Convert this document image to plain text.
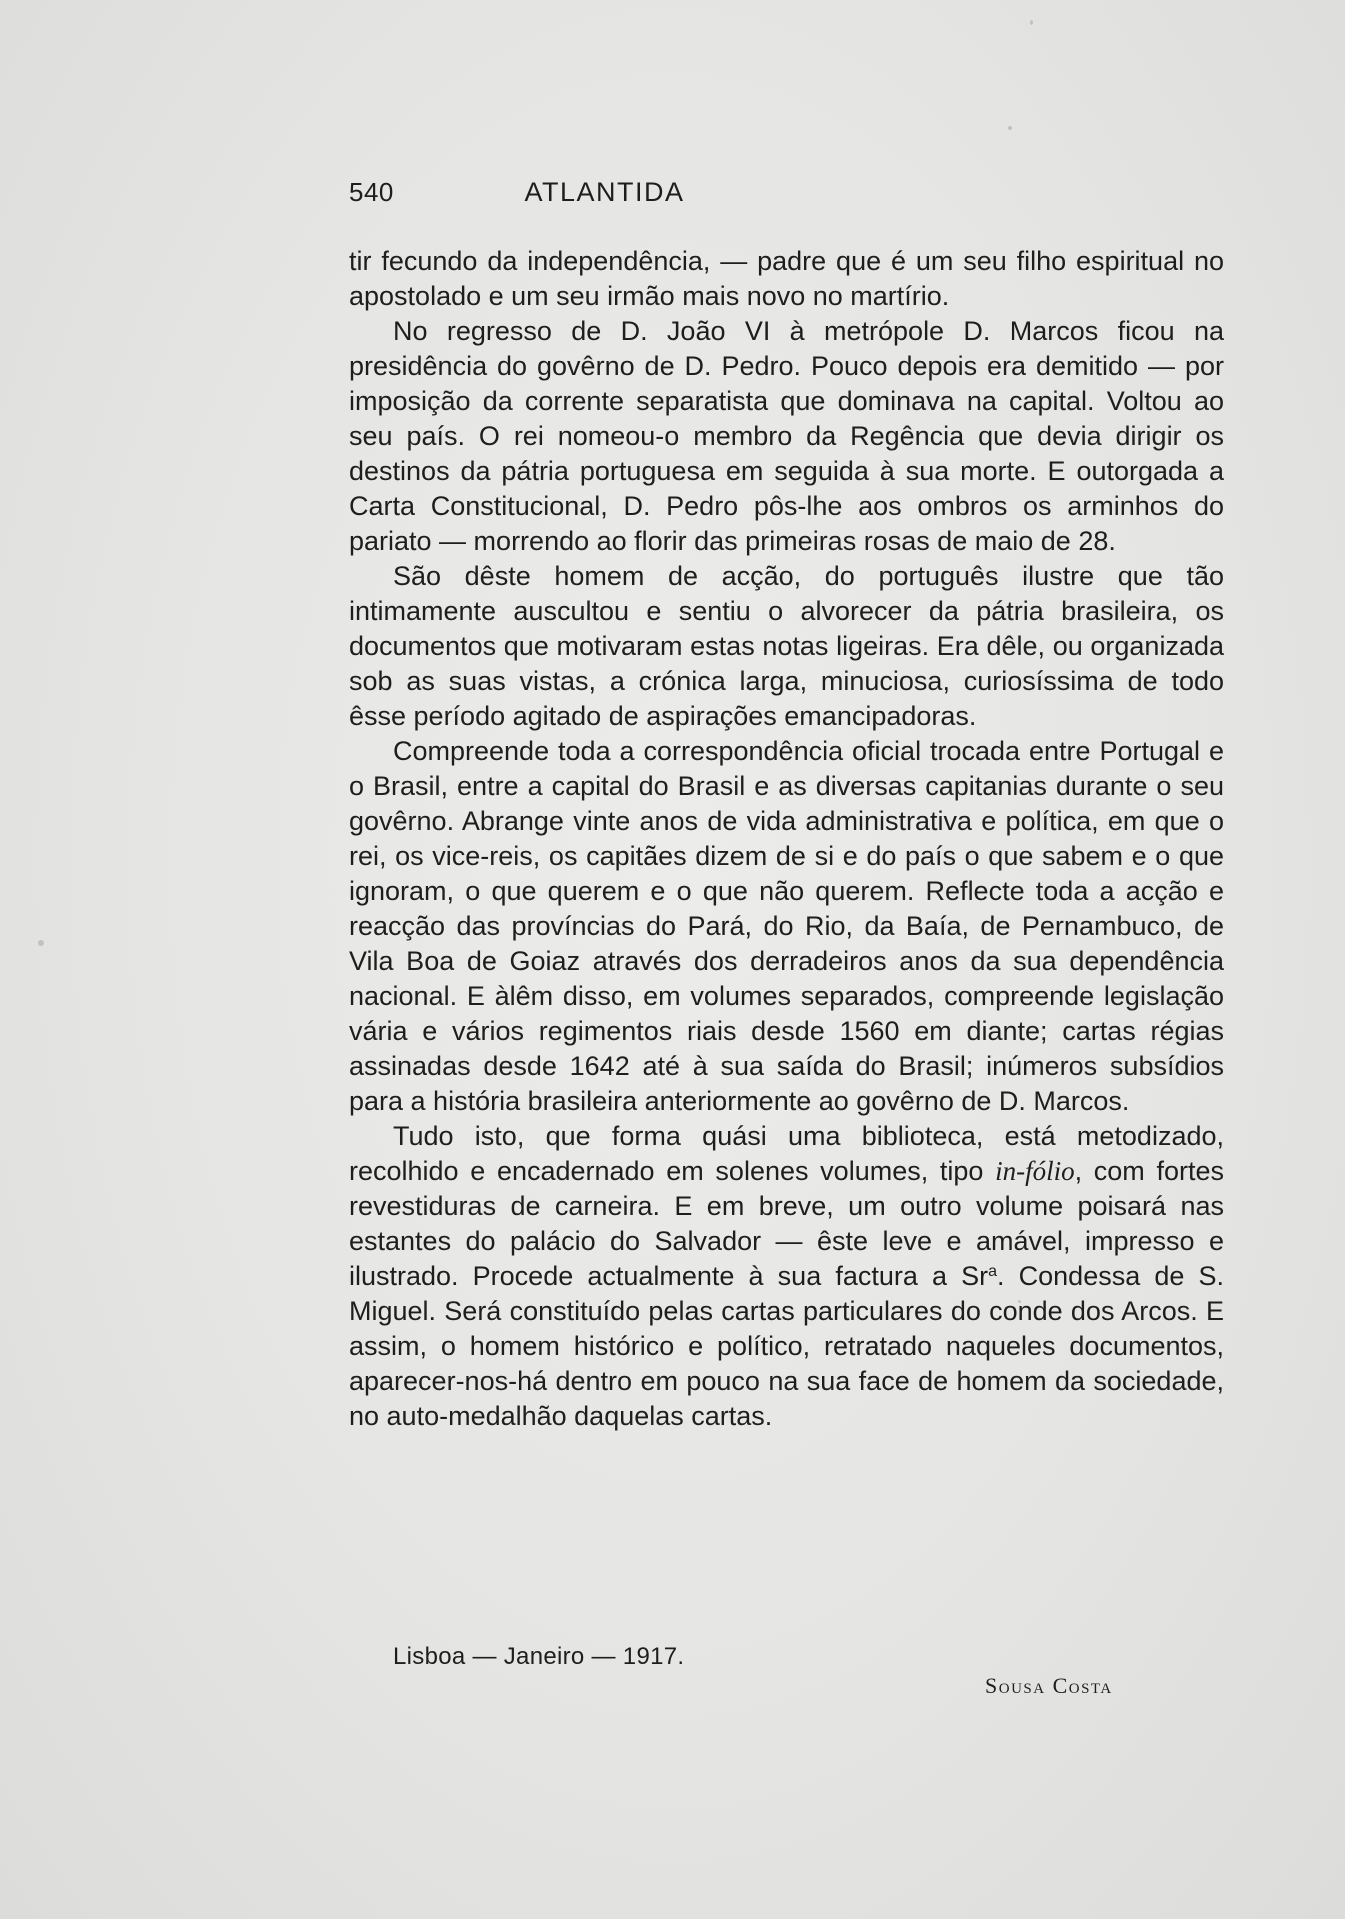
540	ATLANTIDA

tir fecundo da independência, — padre que é um seu filho espiritual no apostolado e um seu irmão mais novo no martírio.

No regresso de D. João VI à metrópole D. Marcos ficou na presidência do govêrno de D. Pedro. Pouco depois era demitido — por imposição da corrente separatista que dominava na capital. Voltou ao seu país. O rei nomeou-o membro da Regência que devia dirigir os destinos da pátria portuguesa em seguida à sua morte. E outorgada a Carta Constitucional, D. Pedro pôs-lhe aos ombros os arminhos do pariato — morrendo ao florir das primeiras rosas de maio de 28.

São dêste homem de acção, do português ilustre que tão intimamente auscultou e sentiu o alvorecer da pátria brasileira, os documentos que motivaram estas notas ligeiras. Era dêle, ou organizada sob as suas vistas, a crónica larga, minuciosa, curiosíssima de todo êsse período agitado de aspirações emancipadoras.

Compreende toda a correspondência oficial trocada entre Portugal e o Brasil, entre a capital do Brasil e as diversas capitanias durante o seu govêrno. Abrange vinte anos de vida administrativa e política, em que o rei, os vice-reis, os capitães dizem de si e do país o que sabem e o que ignoram, o que querem e o que não querem. Reflecte toda a acção e reacção das províncias do Pará, do Rio, da Baía, de Pernambuco, de Vila Boa de Goiaz através dos derradeiros anos da sua dependência nacional. E àlêm disso, em volumes separados, compreende legislação vária e vários regimentos riais desde 1560 em diante; cartas régias assinadas desde 1642 até à sua saída do Brasil; inúmeros subsídios para a história brasileira anteriormente ao govêrno de D. Marcos.

Tudo isto, que forma quási uma biblioteca, está metodizado, recolhido e encadernado em solenes volumes, tipo in-fólio, com fortes revestiduras de carneira. E em breve, um outro volume poisará nas estantes do palácio do Salvador — êste leve e amável, impresso e ilustrado. Procede actualmente à sua factura a Sr$^a$. Condessa de S. Miguel. Será constituído pelas cartas particulares do conde dos Arcos. E assim, o homem histórico e político, retratado naqueles documentos, aparecer-nos-há dentro em pouco na sua face de homem da sociedade, no auto-medalhão daquelas cartas.

Lisboa — Janeiro — 1917.
Sousa Costa
